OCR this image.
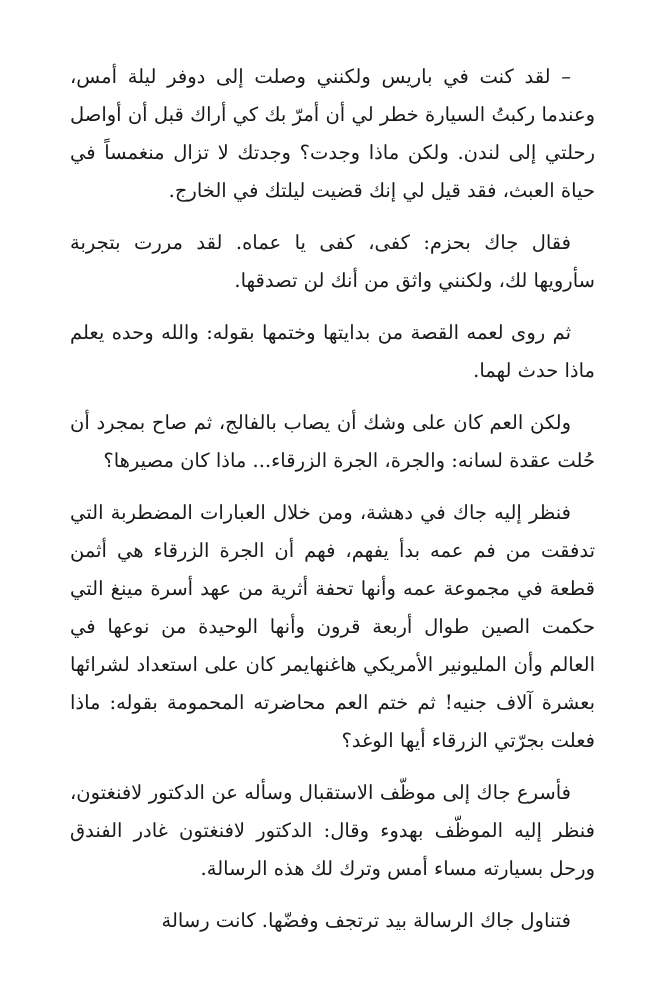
– لقد كنت في باريس ولكنني وصلت إلى دوفر ليلة أمس، وعندما ركبتُ السيارة خطر لي أن أمرّ بك كي أراك قبل أن أواصل رحلتي إلى لندن. ولكن ماذا وجدت؟ وجدتك لا تزال منغمساً في حياة العبث، فقد قيل لي إنك قضيت ليلتك في الخارج.

فقال جاك بحزم: كفى، كفى يا عماه. لقد مررت بتجربة سأرويها لك، ولكنني واثق من أنك لن تصدقها.

ثم روى لعمه القصة من بدايتها وختمها بقوله: والله وحده يعلم ماذا حدث لهما.

ولكن العم كان على وشك أن يصاب بالفالج، ثم صاح بمجرد أن حُلت عقدة لسانه: والجرة، الجرة الزرقاء... ماذا كان مصيرها؟

فنظر إليه جاك في دهشة، ومن خلال العبارات المضطربة التي تدفقت من فم عمه بدأ يفهم، فهم أن الجرة الزرقاء هي أثمن قطعة في مجموعة عمه وأنها تحفة أثرية من عهد أسرة مينغ التي حكمت الصين طوال أربعة قرون وأنها الوحيدة من نوعها في العالم وأن المليونير الأمريكي هاغنهايمر كان على استعداد لشرائها بعشرة آلاف جنيه! ثم ختم العم محاضرته المحمومة بقوله: ماذا فعلت بجرّتي الزرقاء أيها الوغد؟

فأسرع جاك إلى موظّف الاستقبال وسأله عن الدكتور لافنغتون، فنظر إليه الموظّف بهدوء وقال: الدكتور لافنغتون غادر الفندق ورحل بسيارته مساء أمس وترك لك هذه الرسالة.

فتناول جاك الرسالة بيد ترتجف وفضّها. كانت رسالة
